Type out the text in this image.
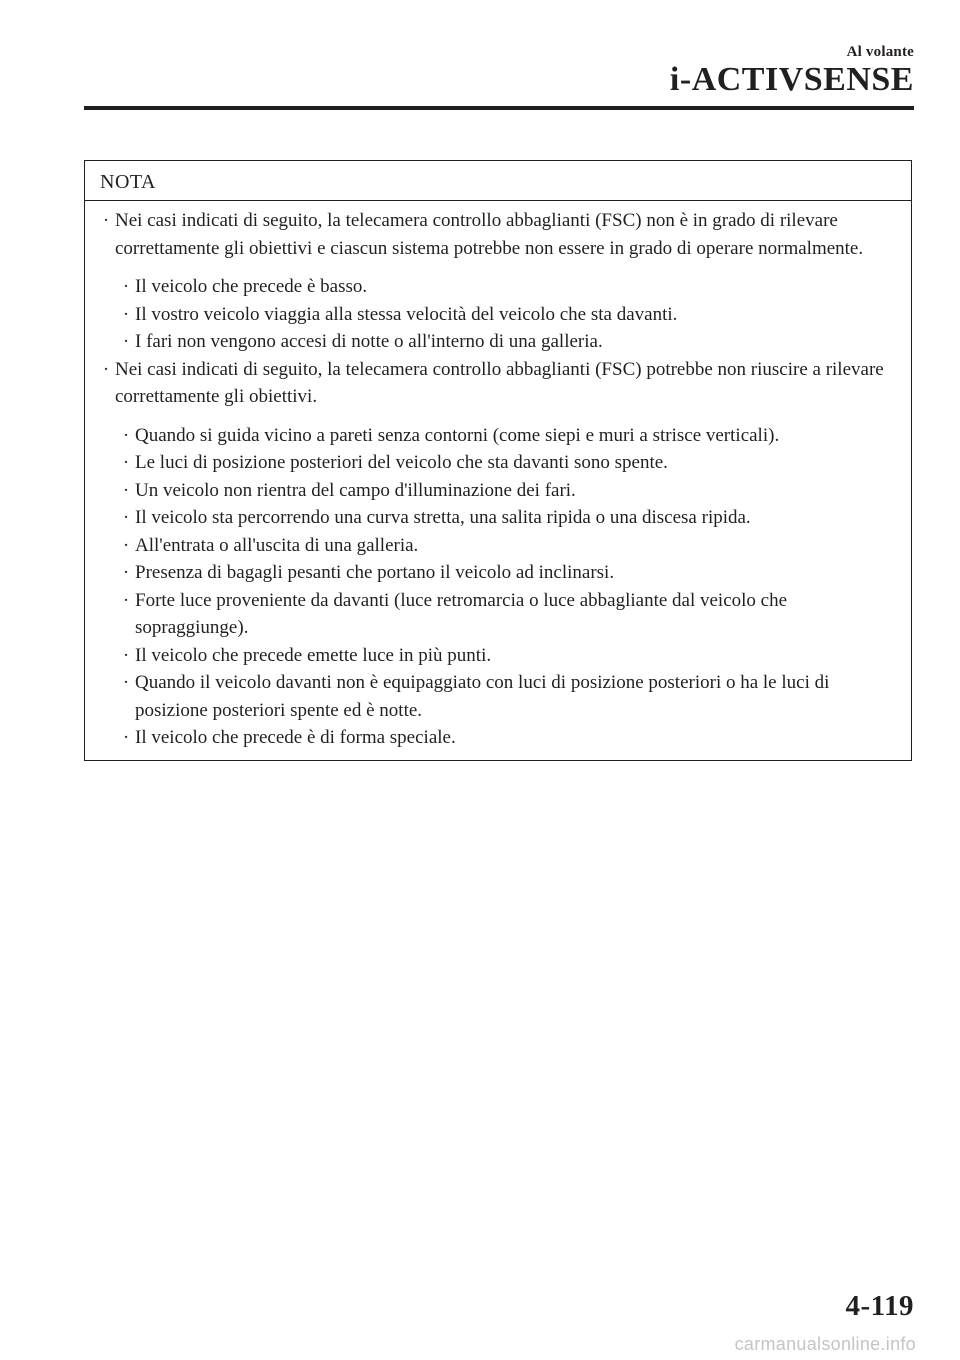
Al volante
i-ACTIVSENSE
NOTA
· Nei casi indicati di seguito, la telecamera controllo abbaglianti (FSC) non è in grado di rilevare correttamente gli obiettivi e ciascun sistema potrebbe non essere in grado di operare normalmente.
· Il veicolo che precede è basso.
· Il vostro veicolo viaggia alla stessa velocità del veicolo che sta davanti.
· I fari non vengono accesi di notte o all'interno di una galleria.
· Nei casi indicati di seguito, la telecamera controllo abbaglianti (FSC) potrebbe non riuscire a rilevare correttamente gli obiettivi.
· Quando si guida vicino a pareti senza contorni (come siepi e muri a strisce verticali).
· Le luci di posizione posteriori del veicolo che sta davanti sono spente.
· Un veicolo non rientra del campo d'illuminazione dei fari.
· Il veicolo sta percorrendo una curva stretta, una salita ripida o una discesa ripida.
· All'entrata o all'uscita di una galleria.
· Presenza di bagagli pesanti che portano il veicolo ad inclinarsi.
· Forte luce proveniente da davanti (luce retromarcia o luce abbagliante dal veicolo che sopraggiunge).
· Il veicolo che precede emette luce in più punti.
· Quando il veicolo davanti non è equipaggiato con luci di posizione posteriori o ha le luci di posizione posteriori spente ed è notte.
· Il veicolo che precede è di forma speciale.
4-119
carmanualsonline.info
